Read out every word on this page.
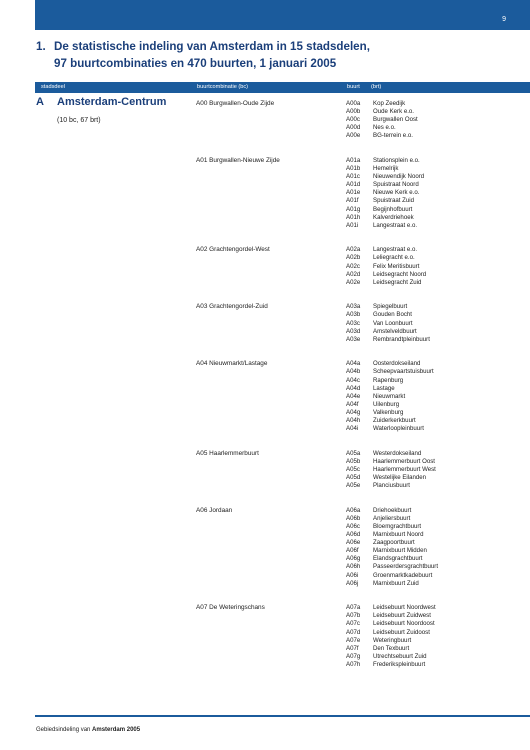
9
1. De statistische indeling van Amsterdam in 15 stadsdelen,
97 buurtcombinaties en 470 buurten, 1 januari 2005
stadsdeel	buurtcombinatie (bc)	buurt (brt)
A Amsterdam-Centrum
(10 bc, 67 brt)
A00 Burgwallen-Oude Zijde	A00a Kop Zeedijk
A00b Oude Kerk e.o.
A00c Burgwallen Oost
A00d Nes e.o.
A00e BG-terrein e.o.
A01 Burgwallen-Nieuwe Zijde	A01a Stationsplein e.o.
A01b Hemelrijk
A01c Nieuwendijk Noord
A01d Spuistraat Noord
A01e Nieuwe Kerk e.o.
A01f Spuistraat Zuid
A01g Begijnhofbuurt
A01h Kalverdriehoek
A01i Langestraat e.o.
A02 Grachtengordel-West	A02a Langestraat e.o.
A02b Leliegracht e.o.
A02c Felix Meritisbuurt
A02d Leidsegracht Noord
A02e Leidsegracht Zuid
A03 Grachtengordel-Zuid	A03a Spiegelbuurt
A03b Gouden Bocht
A03c Van Loonbuurt
A03d Amstelveldbuurt
A03e Rembrandtpleinbuurt
A04 Nieuwmarkt/Lastage	A04a Oosterdokseiland
A04b Scheepvaartstuisbuurt
A04c Rapenburg
A04d Lastage
A04e Nieuwmarkt
A04f Uilenburg
A04g Valkenburg
A04h Zuiderkerkbuurt
A04i Waterloopleinbuurt
A05 Haarlemmerbuurt	A05a Westerdokseiland
A05b Haarlemmerbuurt Oost
A05c Haarlemmerbuurt West
A05d Westelijke Eilanden
A05e Planciusbuurt
A06 Jordaan	A06a Driehoekbuurt
A06b Anjeliersbuurt
A06c Bloemgrachtbuurt
A06d Marnixbuurt Noord
A06e Zaagpoortbuurt
A06f Marnixbuurt Midden
A06g Elandsgrachtbuurt
A06h Passeerdersgrachtbuurt
A06i Groenmarktkadebuurt
A06j Marnixbuurt Zuid
A07 De Weteringschans	A07a Leidsebuurt Noordwest
A07b Leidsebuurt Zuidwest
A07c Leidsebuurt Noordoost
A07d Leidsebuurt Zuidoost
A07e Weteringbuurt
A07f Den Texbuurt
A07g Utrechtsebuurt Zuid
A07h Frederikspleinbuurt
Gebiedsindeling van Amsterdam 2005
